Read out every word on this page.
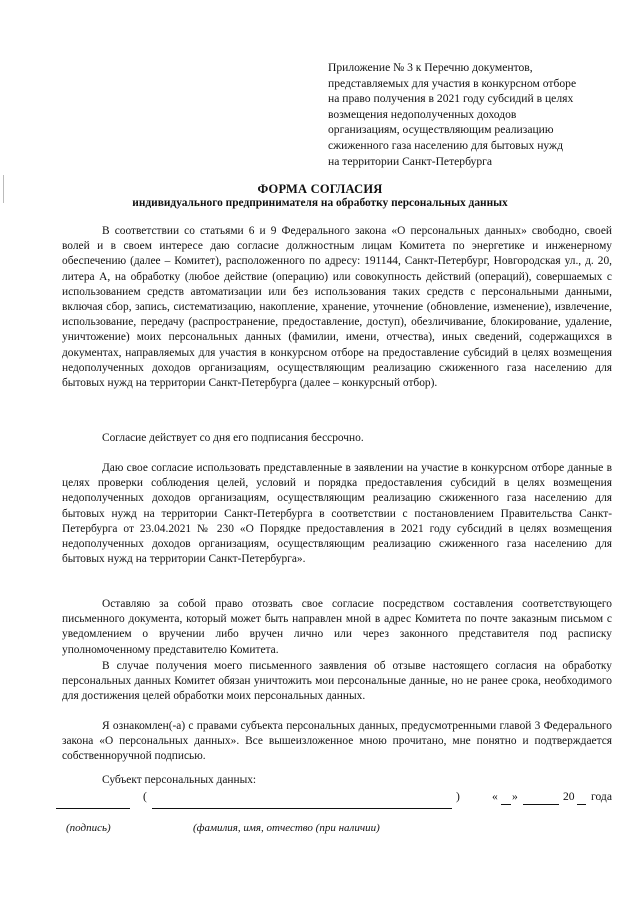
Приложение № 3 к Перечню документов,
представляемых для участия в конкурсном отборе
на право получения в 2021 году субсидий в целях
возмещения недополученных доходов
организациям, осуществляющим реализацию
сжиженного газа населению для бытовых нужд
на территории Санкт-Петербурга
ФОРМА СОГЛАСИЯ
индивидуального предпринимателя на обработку персональных данных

В соответствии со статьями 6 и 9 Федерального закона «О персональных данных» свободно, своей волей и в своем интересе даю согласие должностным лицам Комитета по энергетике и инженерному обеспечению (далее – Комитет), расположенного по адресу: 191144, Санкт-Петербург, Новгородская ул., д. 20, литера А, на обработку (любое действие (операцию) или совокупность действий (операций), совершаемых с использованием средств автоматизации или без использования таких средств с персональными данными, включая сбор, запись, систематизацию, накопление, хранение, уточнение (обновление, изменение), извлечение, использование, передачу (распространение, предоставление, доступ), обезличивание, блокирование, удаление, уничтожение) моих персональных данных (фамилии, имени, отчества), иных сведений, содержащихся в документах, направляемых для участия в конкурсном отборе на предоставление субсидий в целях возмещения недополученных доходов организациям, осуществляющим реализацию сжиженного газа населению для бытовых нужд на территории Санкт-Петербурга (далее – конкурсный отбор).

Согласие действует со дня его подписания бессрочно.

Даю свое согласие использовать представленные в заявлении на участие в конкурсном отборе данные в целях проверки соблюдения целей, условий и порядка предоставления субсидий в целях возмещения недополученных доходов организациям, осуществляющим реализацию сжиженного газа населению для бытовых нужд на территории Санкт-Петербурга в соответствии с постановлением Правительства Санкт-Петербурга от 23.04.2021 № 230 «О Порядке предоставления в 2021 году субсидий в целях возмещения недополученных доходов организациям, осуществляющим реализацию сжиженного газа населению для бытовых нужд на территории Санкт-Петербурга».

Оставляю за собой право отозвать свое согласие посредством составления соответствующего письменного документа, который может быть направлен мной в адрес Комитета по почте заказным письмом с уведомлением о вручении либо вручен лично или через законного представителя под расписку уполномоченному представителю Комитета.

В случае получения моего письменного заявления об отзыве настоящего согласия на обработку персональных данных Комитет обязан уничтожить мои персональные данные, но не ранее срока, необходимого для достижения целей обработки моих персональных данных.

Я ознакомлен(-а) с правами субъекта персональных данных, предусмотренными главой 3 Федерального закона «О персональных данных». Все вышеизложенное мною прочитано, мне понятно и подтверждается собственноручной подписью.

Субъект персональных данных:

(	)	« »	20 года
(подпись)	(фамилия, имя, отчество (при наличии)
